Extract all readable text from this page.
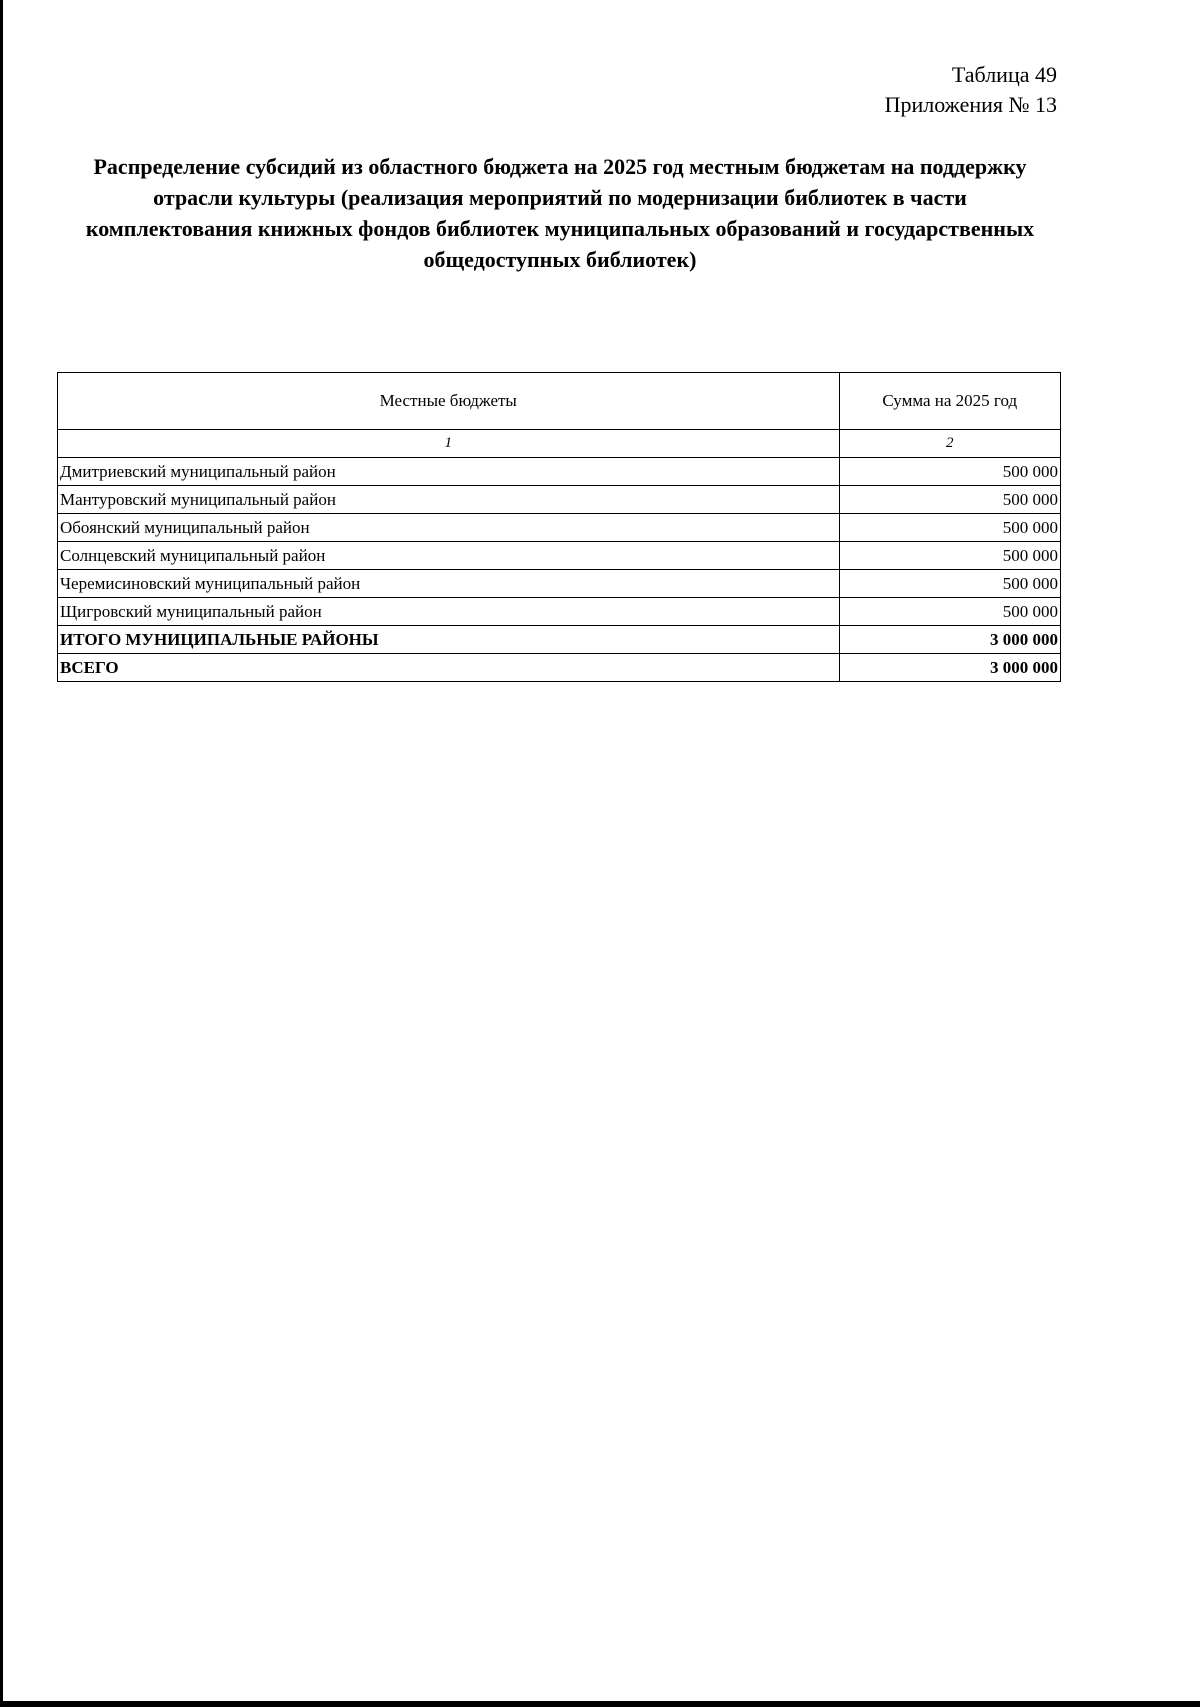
Таблица 49
Приложения № 13
Распределение субсидий из областного бюджета на 2025 год местным бюджетам на поддержку отрасли культуры (реализация мероприятий по модернизации библиотек в части комплектования книжных фондов библиотек муниципальных образований и государственных общедоступных библиотек)
Местные бюджеты	Сумма на 2025 год
1	2
Дмитриевский муниципальный район	500 000
Мантуровский муниципальный район	500 000
Обоянский муниципальный район	500 000
Солнцевский муниципальный район	500 000
Черемисиновский муниципальный район	500 000
Щигровский муниципальный район	500 000
ИТОГО МУНИЦИПАЛЬНЫЕ РАЙОНЫ	3 000 000
ВСЕГО	3 000 000
